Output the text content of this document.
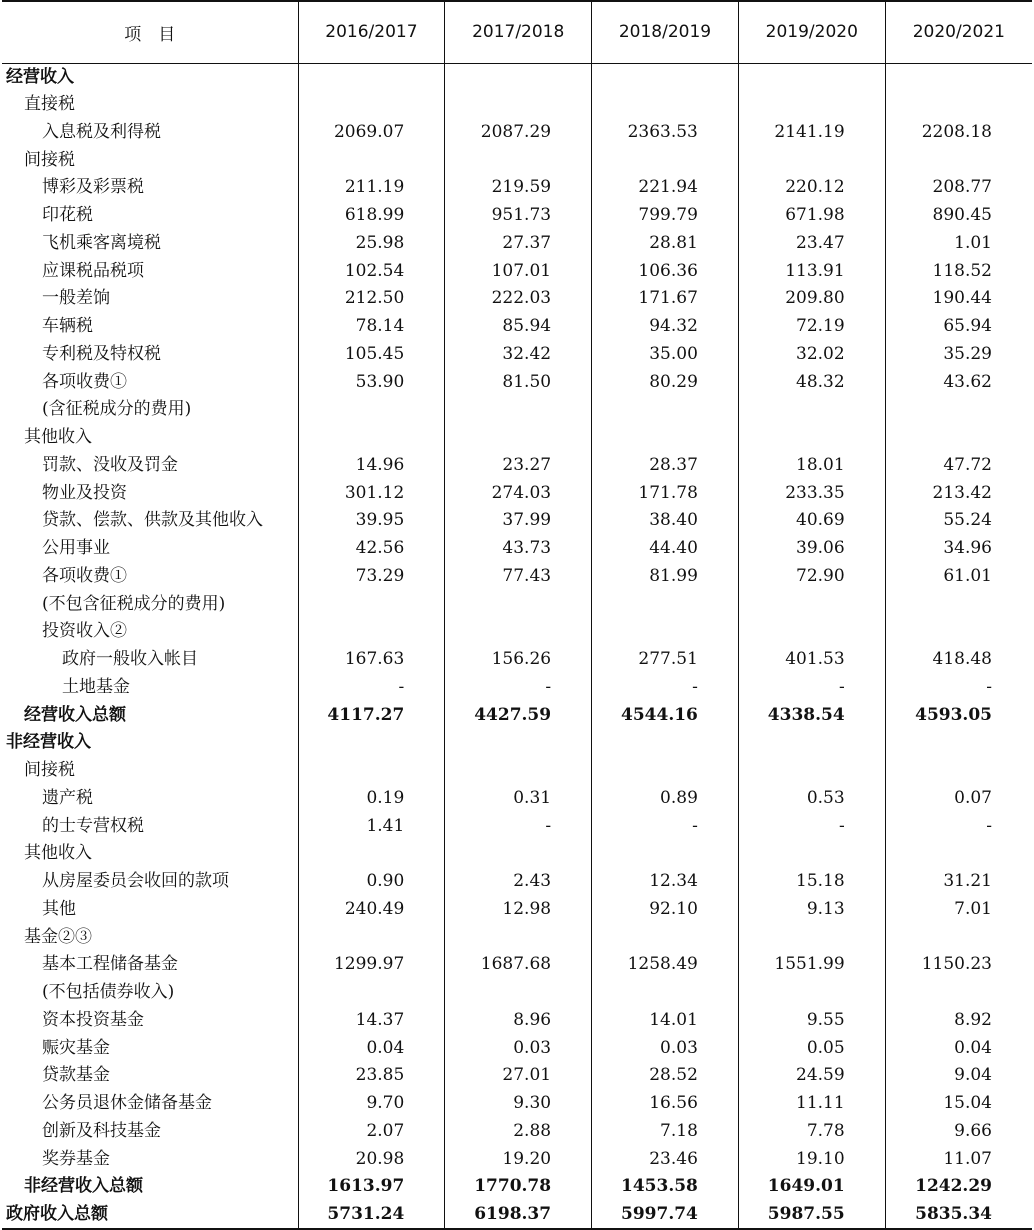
项　目	2016/2017	2017/2018	2018/2019	2019/2020	2020/2021
经营收入					
直接税					
入息税及利得税	2069.07	2087.29	2363.53	2141.19	2208.18
间接税					
博彩及彩票税	211.19	219.59	221.94	220.12	208.77
印花税	618.99	951.73	799.79	671.98	890.45
飞机乘客离境税	25.98	27.37	28.81	23.47	1.01
应课税品税项	102.54	107.01	106.36	113.91	118.52
一般差饷	212.50	222.03	171.67	209.80	190.44
车辆税	78.14	85.94	94.32	72.19	65.94
专利税及特权税	105.45	32.42	35.00	32.02	35.29
各项收费①	53.90	81.50	80.29	48.32	43.62
(含征税成分的费用)					
其他收入					
罚款、没收及罚金	14.96	23.27	28.37	18.01	47.72
物业及投资	301.12	274.03	171.78	233.35	213.42
贷款、偿款、供款及其他收入	39.95	37.99	38.40	40.69	55.24
公用事业	42.56	43.73	44.40	39.06	34.96
各项收费①	73.29	77.43	81.99	72.90	61.01
(不包含征税成分的费用)					
投资收入②					
政府一般收入帐目	167.63	156.26	277.51	401.53	418.48
土地基金	-	-	-	-	-
经营收入总额	4117.27	4427.59	4544.16	4338.54	4593.05
非经营收入					
间接税					
遗产税	0.19	0.31	0.89	0.53	0.07
的士专营权税	1.41	-	-	-	-
其他收入					
从房屋委员会收回的款项	0.90	2.43	12.34	15.18	31.21
其他	240.49	12.98	92.10	9.13	7.01
基金②③					
基本工程储备基金	1299.97	1687.68	1258.49	1551.99	1150.23
(不包括债券收入)					
资本投资基金	14.37	8.96	14.01	9.55	8.92
赈灾基金	0.04	0.03	0.03	0.05	0.04
贷款基金	23.85	27.01	28.52	24.59	9.04
公务员退休金储备基金	9.70	9.30	16.56	11.11	15.04
创新及科技基金	2.07	2.88	7.18	7.78	9.66
奖券基金	20.98	19.20	23.46	19.10	11.07
非经营收入总额	1613.97	1770.78	1453.58	1649.01	1242.29
政府收入总额	5731.24	6198.37	5997.74	5987.55	5835.34
